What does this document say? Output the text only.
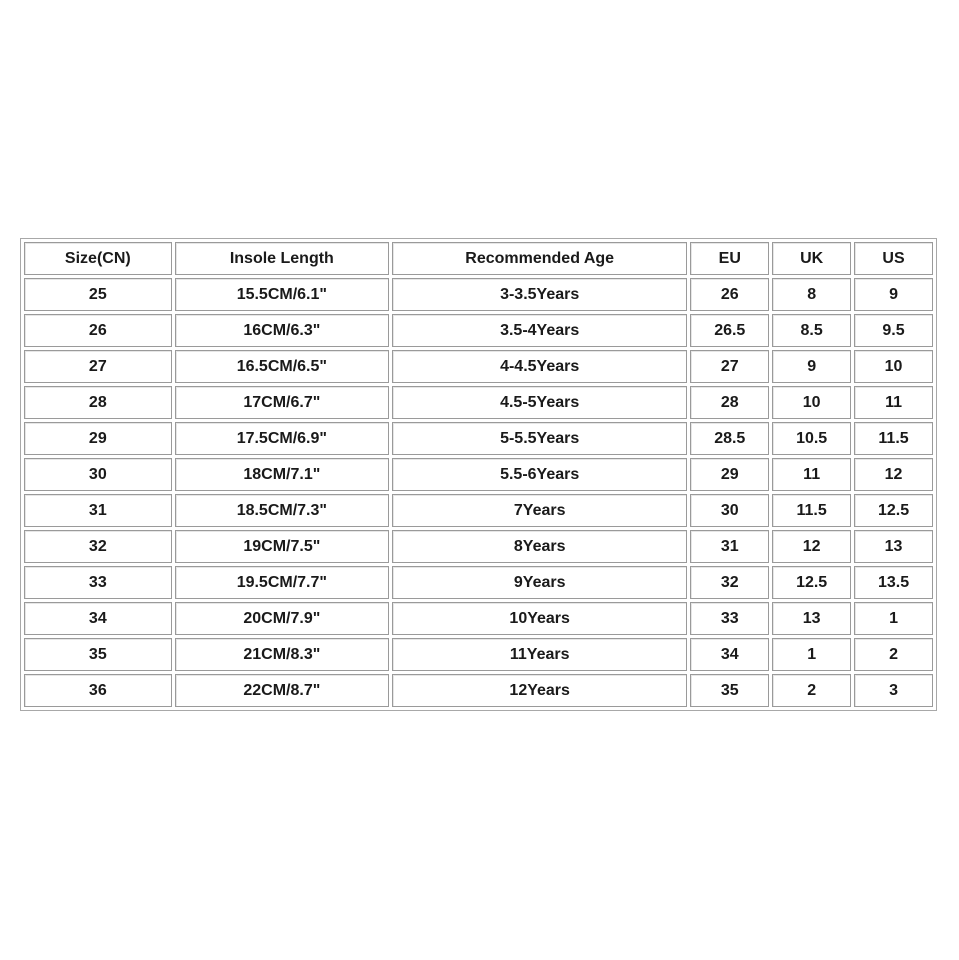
Size(CN)	Insole Length	Recommended Age	EU	UK	US
25	15.5CM/6.1"	3-3.5Years	26	8	9
26	16CM/6.3"	3.5-4Years	26.5	8.5	9.5
27	16.5CM/6.5"	4-4.5Years	27	9	10
28	17CM/6.7"	4.5-5Years	28	10	11
29	17.5CM/6.9"	5-5.5Years	28.5	10.5	11.5
30	18CM/7.1"	5.5-6Years	29	11	12
31	18.5CM/7.3"	7Years	30	11.5	12.5
32	19CM/7.5"	8Years	31	12	13
33	19.5CM/7.7"	9Years	32	12.5	13.5
34	20CM/7.9"	10Years	33	13	1
35	21CM/8.3"	11Years	34	1	2
36	22CM/8.7"	12Years	35	2	3
